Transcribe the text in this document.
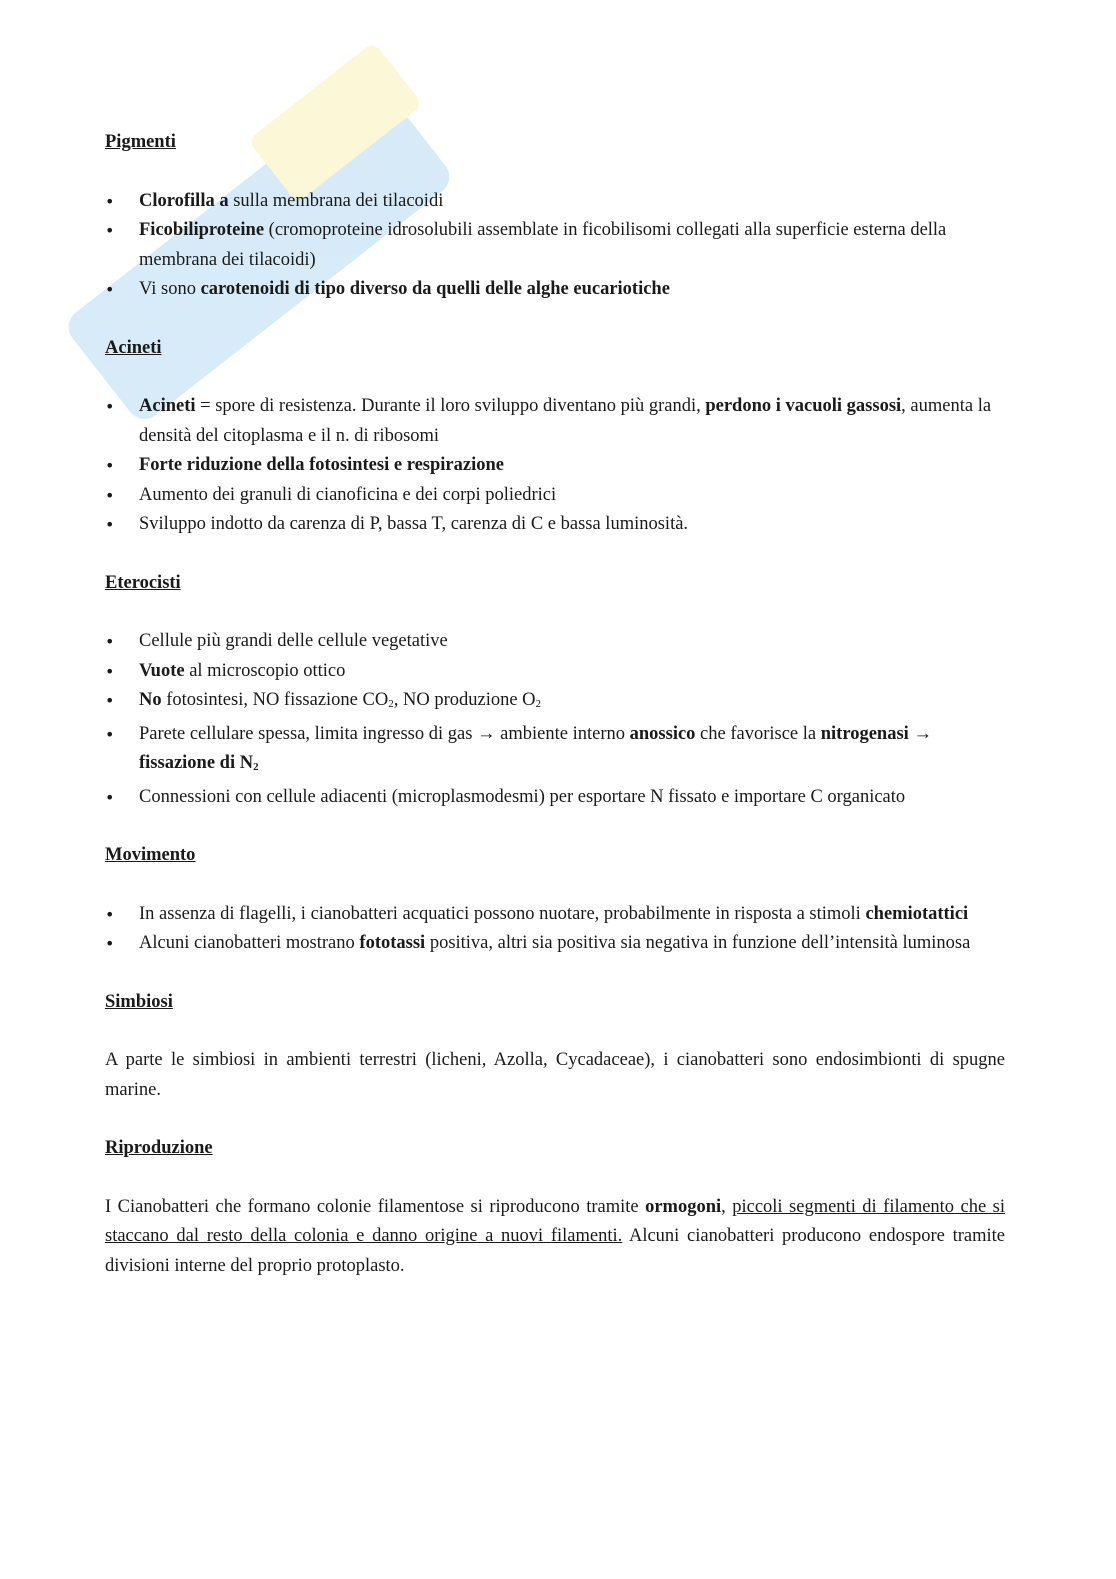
Pigmenti
• Clorofilla a sulla membrana dei tilacoidi
• Ficobiliproteine (cromoproteine idrosolubili assemblate in ficobilisomi collegati alla superficie esterna della membrana dei tilacoidi)
• Vi sono carotenoidi di tipo diverso da quelli delle alghe eucariotiche
Acineti
• Acineti = spore di resistenza. Durante il loro sviluppo diventano più grandi, perdono i vacuoli gassosi, aumenta la densità del citoplasma e il n. di ribosomi
• Forte riduzione della fotosintesi e respirazione
• Aumento dei granuli di cianoficina e dei corpi poliedrici
• Sviluppo indotto da carenza di P, bassa T, carenza di C e bassa luminosità.
Eterocisti
• Cellule più grandi delle cellule vegetative
• Vuote al microscopio ottico
• No fotosintesi, NO fissazione $CO_2$, NO produzione $O_2$
• Parete cellulare spessa, limita ingresso di gas → ambiente interno anossico che favorisce la nitrogenasi → fissazione di $N_2$
• Connessioni con cellule adiacenti (microplasmodesmi) per esportare N fissato e importare C organicato
Movimento
• In assenza di flagelli, i cianobatteri acquatici possono nuotare, probabilmente in risposta a stimoli chemiotattici
• Alcuni cianobatteri mostrano fototassi positiva, altri sia positiva sia negativa in funzione dell’intensità luminosa
Simbiosi

A parte le simbiosi in ambienti terrestri (licheni, Azolla, Cycadaceae), i cianobatteri sono endosimbionti di spugne marine.

Riproduzione

I Cianobatteri che formano colonie filamentose si riproducono tramite ormogoni, piccoli segmenti di filamento che si staccano dal resto della colonia e danno origine a nuovi filamenti. Alcuni cianobatteri producono endospore tramite divisioni interne del proprio protoplasto.
